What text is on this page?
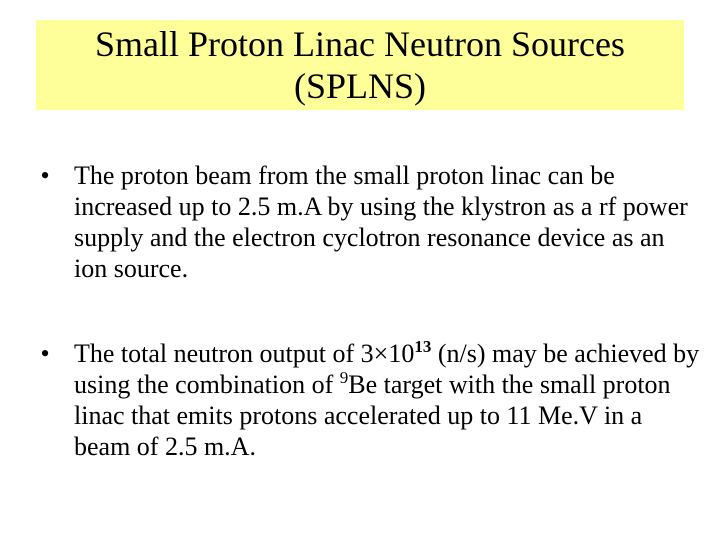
Small Proton Linac Neutron Sources
(SPLNS)
• The proton beam from the small proton linac can be increased up to 2.5 m.A by using the klystron as a rf power supply and the electron cyclotron resonance device as an ion source.
• The total neutron output of $3\times 10^{13}$ (n/s) may be achieved by using the combination of $^9$Be target with the small proton linac that emits protons accelerated up to 11 Me.V in a beam of 2.5 m.A.
